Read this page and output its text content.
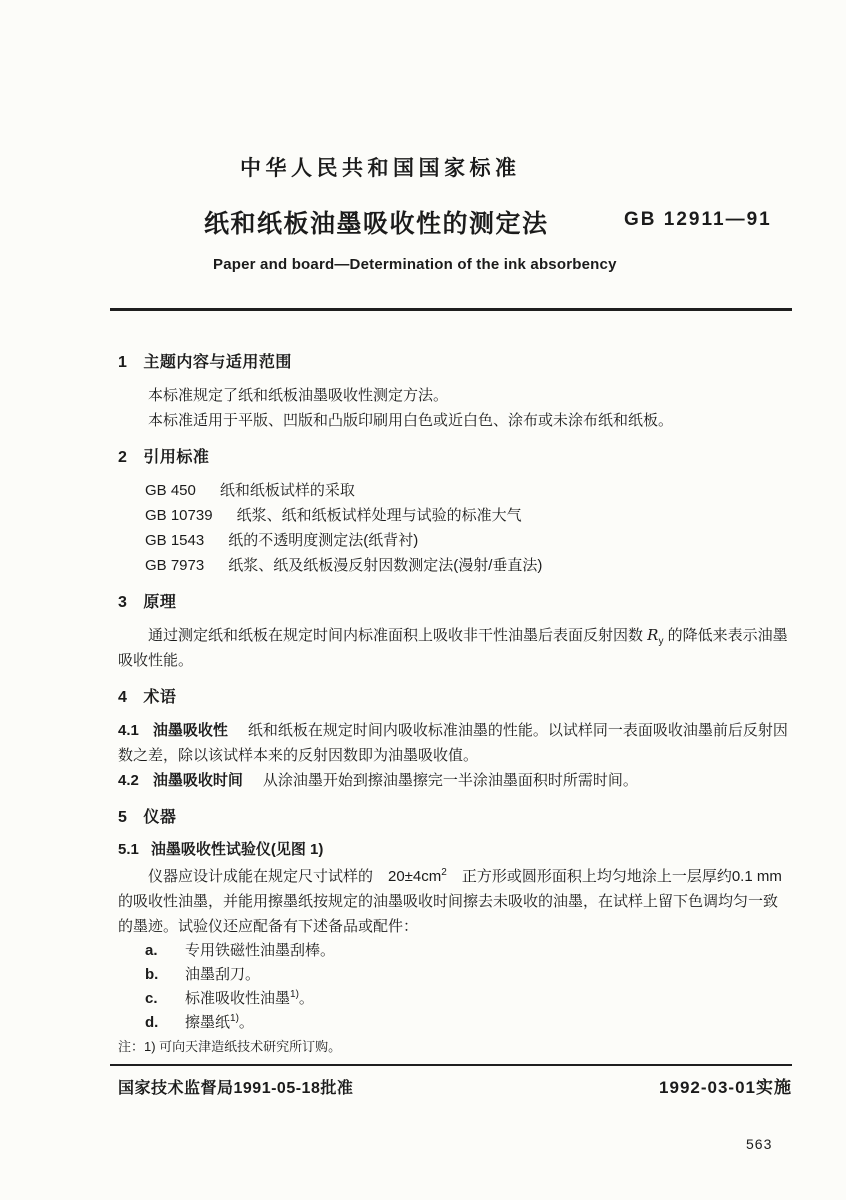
中华人民共和国国家标准
纸和纸板油墨吸收性的测定法	GB 12911—91
Paper and board—Determination of the ink absorbency
1 主题内容与适用范围

本标准规定了纸和纸板油墨吸收性测定方法。

本标准适用于平版、凹版和凸版印刷用白色或近白色、涂布或未涂布纸和纸板。

2 引用标准

GB 450 纸和纸板试样的采取

GB 10739 纸浆、纸和纸板试样处理与试验的标准大气

GB 1543 纸的不透明度测定法(纸背衬)

GB 7973 纸浆、纸及纸板漫反射因数测定法(漫射/垂直法)

3 原理

通过测定纸和纸板在规定时间内标准面积上吸收非干性油墨后表面反射因数 $R_y$ 的降低来表示油墨吸收性能。

4 术语

4.1 油墨吸收性 纸和纸板在规定时间内吸收标准油墨的性能。以试样同一表面吸收油墨前后反射因数之差，除以该试样本来的反射因数即为油墨吸收值。

4.2 油墨吸收时间 从涂油墨开始到擦油墨擦完一半涂油墨面积时所需时间。

5 仪器
5.1 油墨吸收性试验仪(见图 1)

仪器应设计成能在规定尺寸试样的　$20\pm 4cm^2$　正方形或圆形面积上均匀地涂上一层厚约0.1 mm的吸收性油墨，并能用擦墨纸按规定的油墨吸收时间擦去未吸收的油墨，在试样上留下色调均匀一致的墨迹。试验仪还应配备有下述备品或配件：

a. 专用铁磁性油墨刮棒。

b. 油墨刮刀。

c. 标准吸收性油墨$^{1)}$。

d. 擦墨纸$^{1)}$。

注：1) 可向天津造纸技术研究所订购。

国家技术监督局1991-05-18批准	1992-03-01实施
563
